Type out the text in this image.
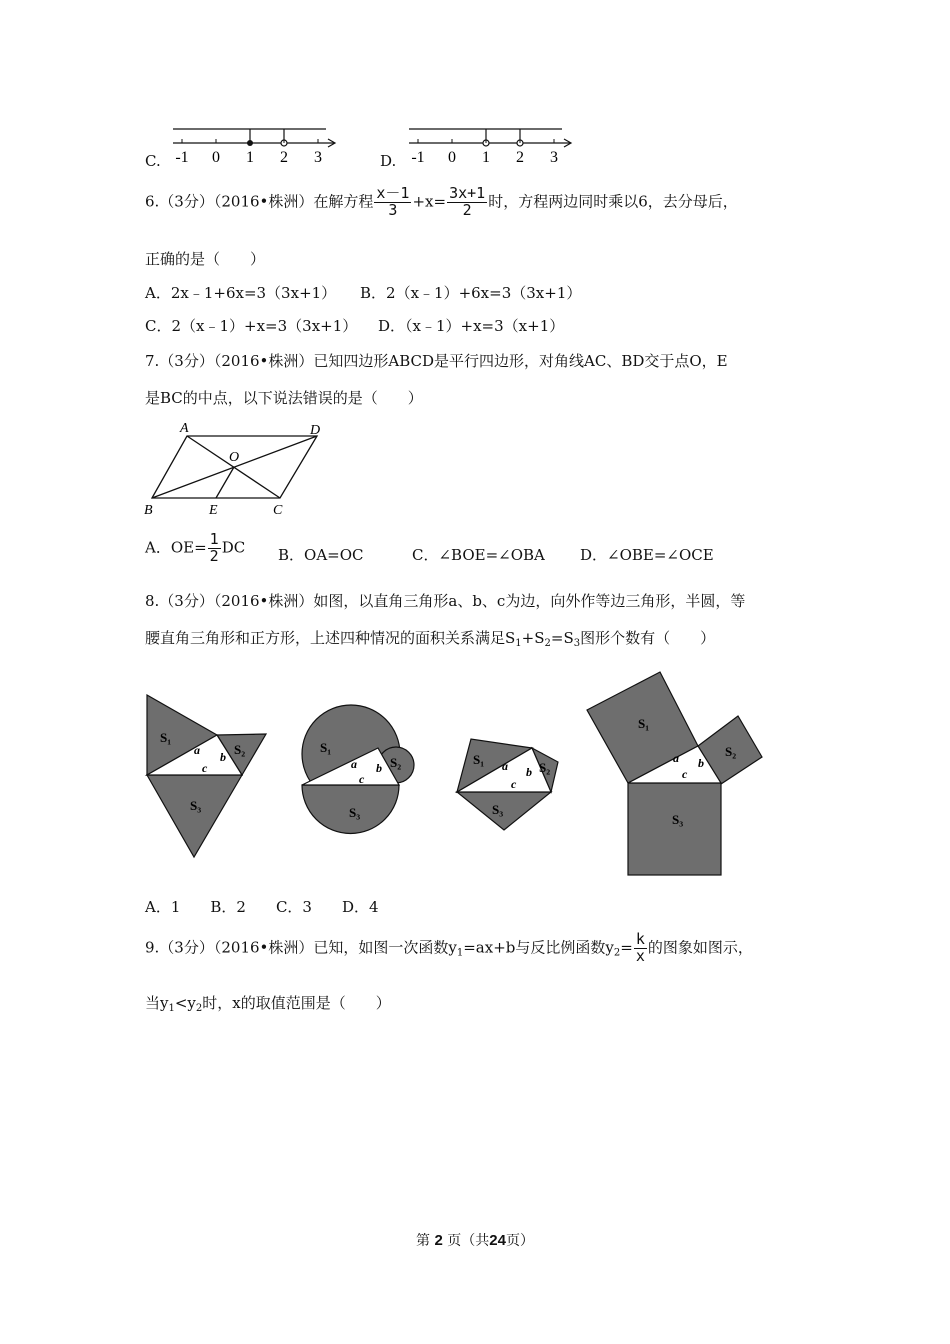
C. -1 0 1 2 3	D. -1 0 1 2 3
6.（3分）（2016•株洲）在解方程 $\frac{x-1}{3} +x= \frac{3x+1}{2}$ 时，方程两边同时乘以6，去分母后，
正确的是（　　）
A．2x﹣1+6x=3（3x+1） B．2（x﹣1）+6x=3（3x+1）
C．2（x﹣1）+x=3（3x+1） D．（x﹣1）+x=3（x+1）
7.（3分）（2016•株洲）已知四边形ABCD是平行四边形，对角线AC、BD交于点O，E
是BC的中点，以下说法错误的是（　　）
A	D
O
B	E	C
A．$OE= \frac{1}{2}$ DC B．OA=OC	C．∠BOE=∠OBA D．∠OBE=∠OCE
8.（3分）（2016•株洲）如图，以直角三角形a、b、c为边，向外作等边三角形，半圆，等
腰直角三角形和正方形，上述四种情况的面积关系满足$S_1+S_2=S_3$图形个数有（　　）
S₁
S₂
S₃
a b
c
S₁
S₂
S₃
a b
c
S₁
S₂
S₃
a b
c
S₁
S₂
S₃
a b
c
A．1　　B．2　　C．3　　D．4
9.（3分）（2016•株洲）已知，如图一次函数$y_1=ax+b$与反比例函数$y_2= \frac{k}{x}$ 的图象如图示，
当$y_1<y_2$时，x的取值范围是（　　）
第 2 页（共24页）
